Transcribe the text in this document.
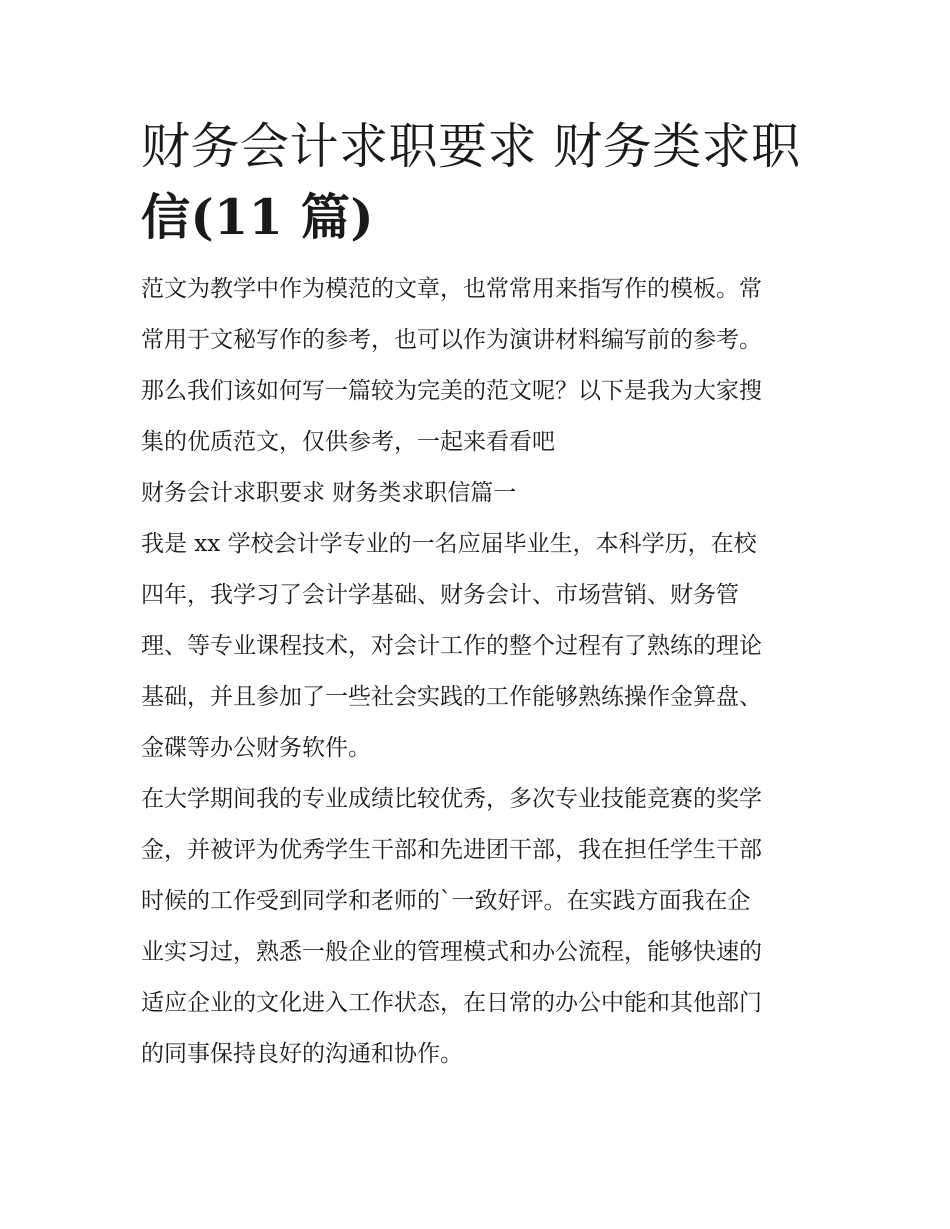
财务会计求职要求 财务类求职
信(11 篇)
范文为教学中作为模范的文章，也常常用来指写作的模板。常
常用于文秘写作的参考，也可以作为演讲材料编写前的参考。
那么我们该如何写一篇较为完美的范文呢？以下是我为大家搜
集的优质范文，仅供参考，一起来看看吧
财务会计求职要求 财务类求职信篇一
我是 xx 学校会计学专业的一名应届毕业生，本科学历，在校
四年，我学习了会计学基础、财务会计、市场营销、财务管
理、等专业课程技术，对会计工作的整个过程有了熟练的理论
基础，并且参加了一些社会实践的工作能够熟练操作金算盘、
金碟等办公财务软件。
在大学期间我的专业成绩比较优秀，多次专业技能竞赛的奖学
金，并被评为优秀学生干部和先进团干部，我在担任学生干部
时候的工作受到同学和老师的`一致好评。在实践方面我在企
业实习过，熟悉一般企业的管理模式和办公流程，能够快速的
适应企业的文化进入工作状态，在日常的办公中能和其他部门
的同事保持良好的沟通和协作。
